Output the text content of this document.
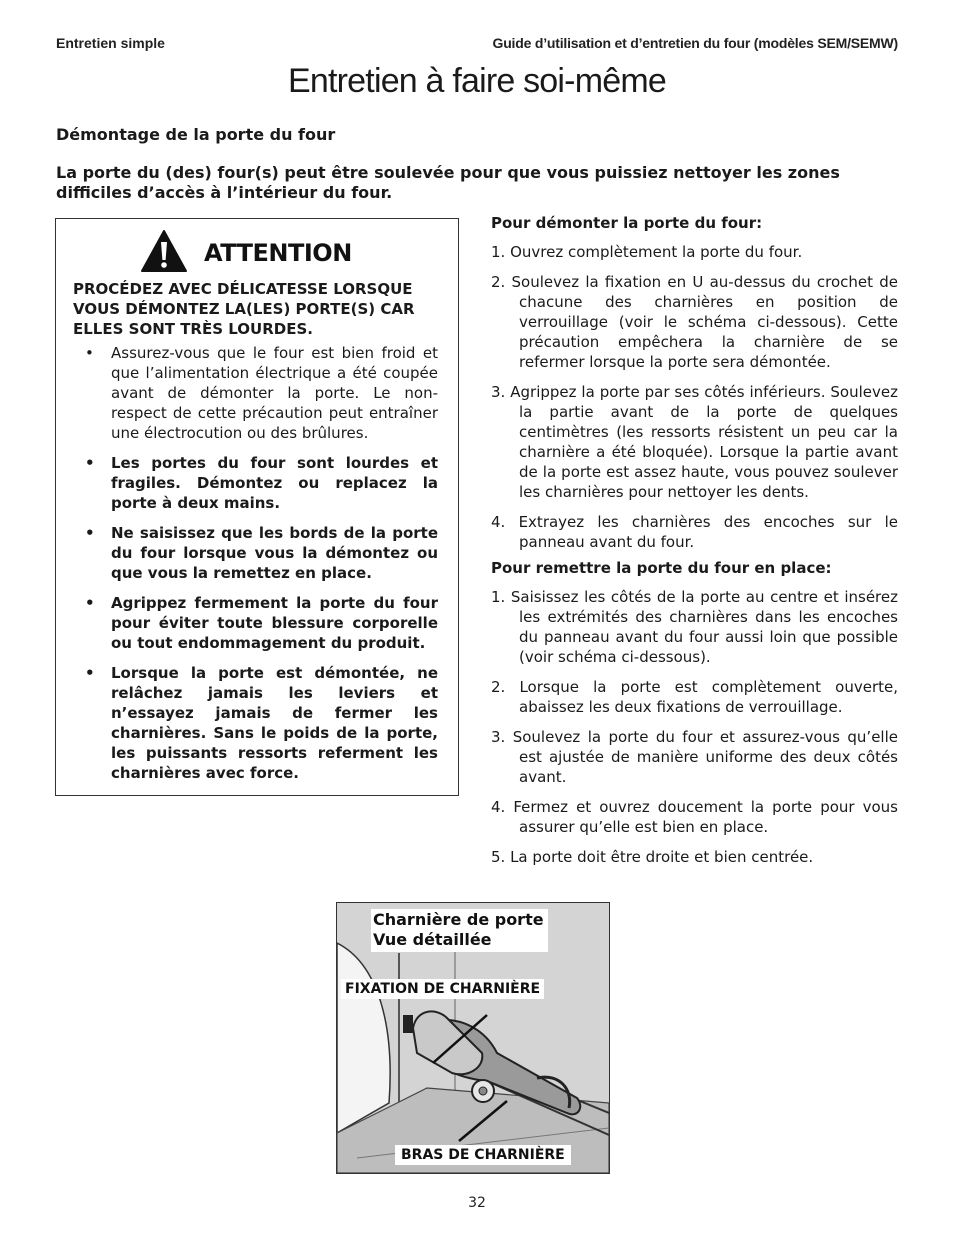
Entretien simple	Guide d’utilisation et d’entretien du four (modèles SEM/SEMW)
Entretien à faire soi-même
Démontage de la porte du four
La porte du (des) four(s) peut être soulevée pour que vous puissiez nettoyer les zones difficiles d’accès à l’intérieur du four.
ATTENTION
PROCÉDEZ AVEC DÉLICATESSE LORSQUE VOUS DÉMONTEZ LA(LES) PORTE(S) CAR ELLES SONT TRÈS LOURDES.
• Assurez-vous que le four est bien froid et que l’alimentation électrique a été coupée avant de démonter la porte. Le non-respect de cette précaution peut entraîner une électrocution ou des brûlures.
• Les portes du four sont lourdes et fragiles. Démontez ou replacez la porte à deux mains.
• Ne saisissez que les bords de la porte du four lorsque vous la démontez ou que vous la remettez en place.
• Agrippez fermement la porte du four pour éviter toute blessure corporelle ou tout endommagement du produit.
• Lorsque la porte est démontée, ne relâchez jamais les leviers et n’essayez jamais de fermer les charnières. Sans le poids de la porte, les puissants ressorts referment les charnières avec force.
Pour démonter la porte du four:
1. Ouvrez complètement la porte du four.
2. Soulevez la fixation en U au-dessus du crochet de chacune des charnières en position de verrouillage (voir le schéma ci-dessous). Cette précaution empêchera la charnière de se refermer lorsque la porte sera démontée.
3. Agrippez la porte par ses côtés inférieurs. Soulevez la partie avant de la porte de quelques centimètres (les ressorts résistent un peu car la charnière a été bloquée). Lorsque la partie avant de la porte est assez haute, vous pouvez soulever les charnières pour nettoyer les dents.
4. Extrayez les charnières des encoches sur le panneau avant du four.
Pour remettre la porte du four en place:
1. Saisissez les côtés de la porte au centre et insérez les extrémités des charnières dans les encoches du panneau avant du four aussi loin que possible (voir schéma ci-dessous).
2. Lorsque la porte est complètement ouverte, abaissez les deux fixations de verrouillage.
3. Soulevez la porte du four et assurez-vous qu’elle est ajustée de manière uniforme des deux côtés avant.
4. Fermez et ouvrez doucement la porte pour vous assurer qu’elle est bien en place.
5. La porte doit être droite et bien centrée.
Charnière de porte
Vue détaillée
FIXATION DE CHARNIÈRE
BRAS DE CHARNIÈRE
32
